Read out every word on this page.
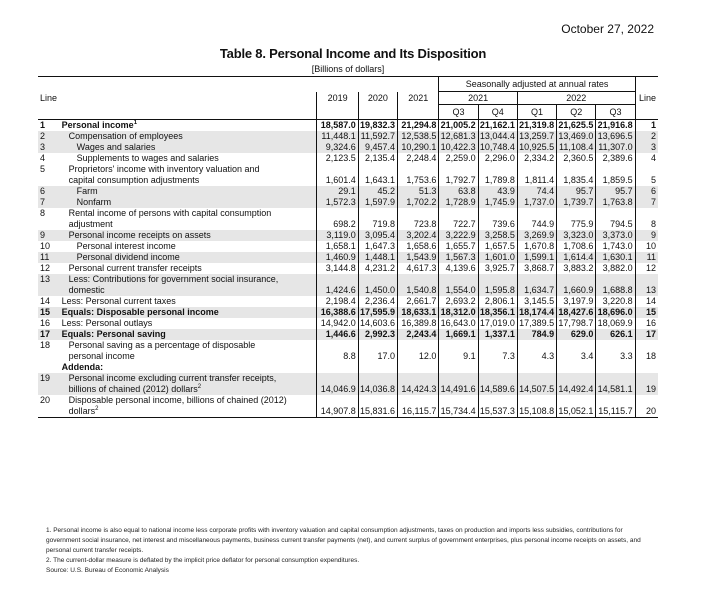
October 27, 2022
Table 8. Personal Income and Its Disposition
[Billions of dollars]
					Seasonally adjusted at annual rates					
Line		2019	2020	2021	2021		2022			Line
					Q3	Q4	Q1	Q2	Q3	
1	Personal income$^1$	18,587.0	19,832.3	21,294.8	21,005.2	21,162.1	21,319.8	21,625.5	21,916.8	1
2	Compensation of employees	11,448.1	11,592.7	12,538.5	12,681.3	13,044.4	13,259.7	13,469.0	13,696.5	2
3	Wages and salaries	9,324.6	9,457.4	10,290.1	10,422.3	10,748.4	10,925.5	11,108.4	11,307.0	3
4	Supplements to wages and salaries	2,123.5	2,135.4	2,248.4	2,259.0	2,296.0	2,334.2	2,360.5	2,389.6	4
5	Proprietors' income with inventory valuation and
capital consumption adjustments	1,601.4	1,643.1	1,753.6	1,792.7	1,789.8	1,811.4	1,835.4	1,859.5	5
6	Farm	29.1	45.2	51.3	63.8	43.9	74.4	95.7	95.7	6
7	Nonfarm	1,572.3	1,597.9	1,702.2	1,728.9	1,745.9	1,737.0	1,739.7	1,763.8	7
8	Rental income of persons with capital consumption
adjustment	698.2	719.8	723.8	722.7	739.6	744.9	775.9	794.5	8
9	Personal income receipts on assets	3,119.0	3,095.4	3,202.4	3,222.9	3,258.5	3,269.9	3,323.0	3,373.0	9
10	Personal interest income	1,658.1	1,647.3	1,658.6	1,655.7	1,657.5	1,670.8	1,708.6	1,743.0	10
11	Personal dividend income	1,460.9	1,448.1	1,543.9	1,567.3	1,601.0	1,599.1	1,614.4	1,630.1	11
12	Personal current transfer receipts	3,144.8	4,231.2	4,617.3	4,139.6	3,925.7	3,868.7	3,883.2	3,882.0	12
13	Less: Contributions for government social insurance,
domestic	1,424.6	1,450.0	1,540.8	1,554.0	1,595.8	1,634.7	1,660.9	1,688.8	13
14	Less: Personal current taxes	2,198.4	2,236.4	2,661.7	2,693.2	2,806.1	3,145.5	3,197.9	3,220.8	14
15	Equals: Disposable personal income	16,388.6	17,595.9	18,633.1	18,312.0	18,356.1	18,174.4	18,427.6	18,696.0	15
16	Less: Personal outlays	14,942.0	14,603.6	16,389.8	16,643.0	17,019.0	17,389.5	17,798.7	18,069.9	16
17	Equals: Personal saving	1,446.6	2,992.3	2,243.4	1,669.1	1,337.1	784.9	629.0	626.1	17
18	Personal saving as a percentage of disposable
personal income	8.8	17.0	12.0	9.1	7.3	4.3	3.4	3.3	18
	Addenda:									
19	Personal income excluding current transfer receipts,
billions of chained (2012) dollars$^2$	14,046.9	14,036.8	14,424.3	14,491.6	14,589.6	14,507.5	14,492.4	14,581.1	19
20	Disposable personal income, billions of chained (2012)
dollars$^2$	14,907.8	15,831.6	16,115.7	15,734.4	15,537.3	15,108.8	15,052.1	15,115.7	20
1. Personal income is also equal to national income less corporate profits with inventory valuation and capital consumption adjustments, taxes on production and imports less subsidies, contributions for government social insurance, net interest and miscellaneous payments, business current transfer payments (net), and current surplus of government enterprises, plus personal income receipts on assets, and personal current transfer receipts.
2. The current-dollar measure is deflated by the implicit price deflator for personal consumption expenditures.
Source: U.S. Bureau of Economic Analysis
